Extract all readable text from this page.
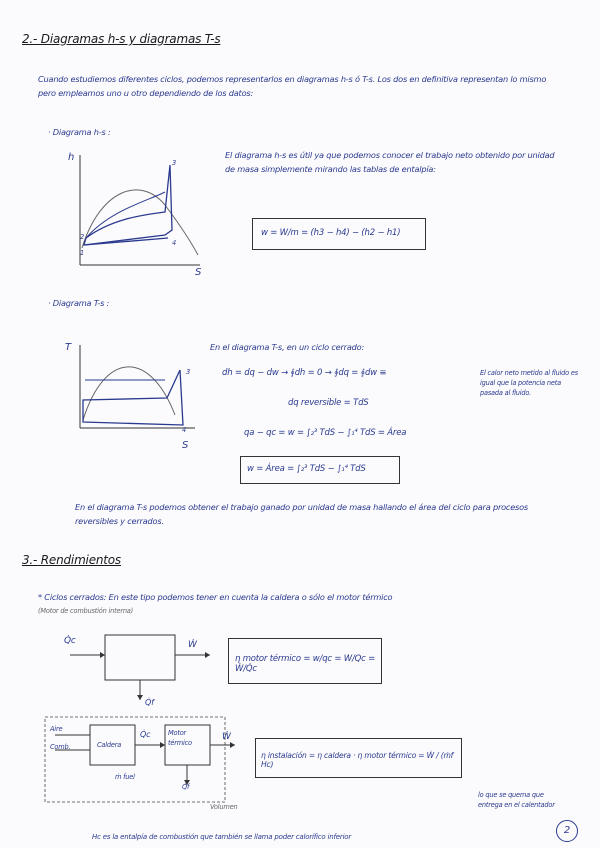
2.- Diagramas h-s y diagramas T-s
Cuando estudiemos diferentes ciclos, podemos representarlos en diagramas h-s ó T-s. Los dos en definitiva representan lo mismo pero empleamos uno u otro dependiendo de los datos:
· Diagrama h-s :
h
S
3
4
1
2
El diagrama h-s es útil ya que podemos conocer el trabajo neto obtenido por unidad de masa simplemente mirando las tablas de entalpía:
w = W/m = (h3 − h4) − (h2 − h1)
· Diagrama T-s :
T
S
3
4
En el diagrama T-s, en un ciclo cerrado:
dh = dq − dw → ∮dh = 0 → ∮dq = ∮dw ≡	El calor neto metido al fluido es igual que la potencia neta pasada al fluido.
dq reversible = TdS
qa − qc = w = ∫₂³ TdS − ∫₁⁴ TdS = Área
w = Área = ∫₂³ TdS − ∫₁⁴ TdS
En el diagrama T-s podemos obtener el trabajo ganado por unidad de masa hallando el área del ciclo para procesos reversibles y cerrados.
3.- Rendimientos
* Ciclos cerrados: En este tipo podemos tener en cuenta la caldera o sólo el motor térmico
(Motor de combustión interna)
Q̇c	Ẇ
Q̇f
η motor térmico = w/qc = W/Qc = Ẇ/Q̇c
Aire
Comb.	Caldera
Q̇c	Motor térmico
Ẇ
ṁ fuel
Q̇f
Volumen
η instalación = η caldera · η motor térmico = Ẇ / (ṁf Hc)
lo que se quema que entrega en el calentador
Hc es la entalpía de combustión que también se llama poder calorífico inferior
2
